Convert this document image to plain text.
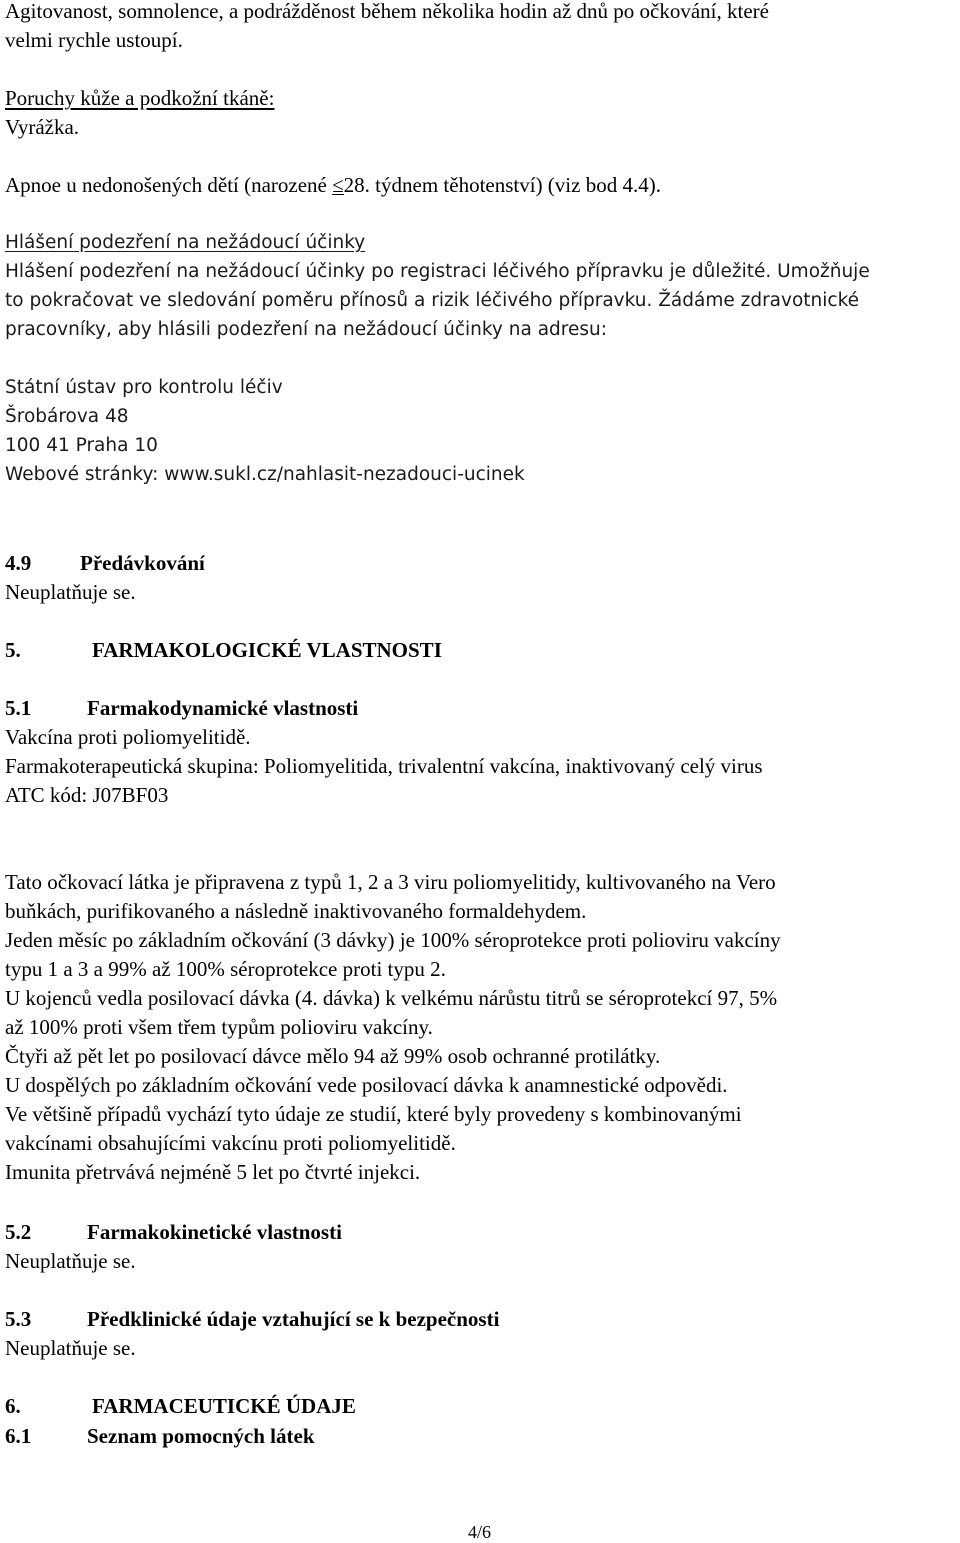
Agitovanost, somnolence, a podrážděnost během několika hodin až dnů po očkování, které
velmi rychle ustoupí.
Poruchy kůže a podkožní tkáně:
Vyrážka.
Apnoe u nedonošených dětí (narozené ≤28. týdnem těhotenství) (viz bod 4.4).
Hlášení podezření na nežádoucí účinky
Hlášení podezření na nežádoucí účinky po registraci léčivého přípravku je důležité. Umožňuje
to pokračovat ve sledování poměru přínosů a rizik léčivého přípravku. Žádáme zdravotnické
pracovníky, aby hlásili podezření na nežádoucí účinky na adresu:
Státní ústav pro kontrolu léčiv
Šrobárova 48
100 41 Praha 10
Webové stránky: www.sukl.cz/nahlasit-nezadouci-ucinek
4.9 Předávkování
Neuplatňuje se.
5.	FARMAKOLOGICKÉ VLASTNOSTI
5.1	Farmakodynamické vlastnosti
Vakcína proti poliomyelitidě.
Farmakoterapeutická skupina: Poliomyelitida, trivalentní vakcína, inaktivovaný celý virus
ATC kód: J07BF03
Tato očkovací látka je připravena z typů 1, 2 a 3 viru poliomyelitidy, kultivovaného na Vero
buňkách, purifikovaného a následně inaktivovaného formaldehydem.
Jeden měsíc po základním očkování (3 dávky) je 100% séroprotekce proti polioviru vakcíny
typu 1 a 3 a 99% až 100% séroprotekce proti typu 2.
U kojenců vedla posilovací dávka (4. dávka) k velkému nárůstu titrů se séroprotekcí 97, 5%
až 100% proti všem třem typům polioviru vakcíny.
Čtyři až pět let po posilovací dávce mělo 94 až 99% osob ochranné protilátky.
U dospělých po základním očkování vede posilovací dávka k anamnestické odpovědi.
Ve většině případů vychází tyto údaje ze studií, které byly provedeny s kombinovanými
vakcínami obsahujícími vakcínu proti poliomyelitidě.
Imunita přetrvává nejméně 5 let po čtvrté injekci.
5.2	Farmakokinetické vlastnosti
Neuplatňuje se.
5.3	Předklinické údaje vztahující se k bezpečnosti
Neuplatňuje se.
6.	FARMACEUTICKÉ ÚDAJE
6.1	Seznam pomocných látek
4/6
